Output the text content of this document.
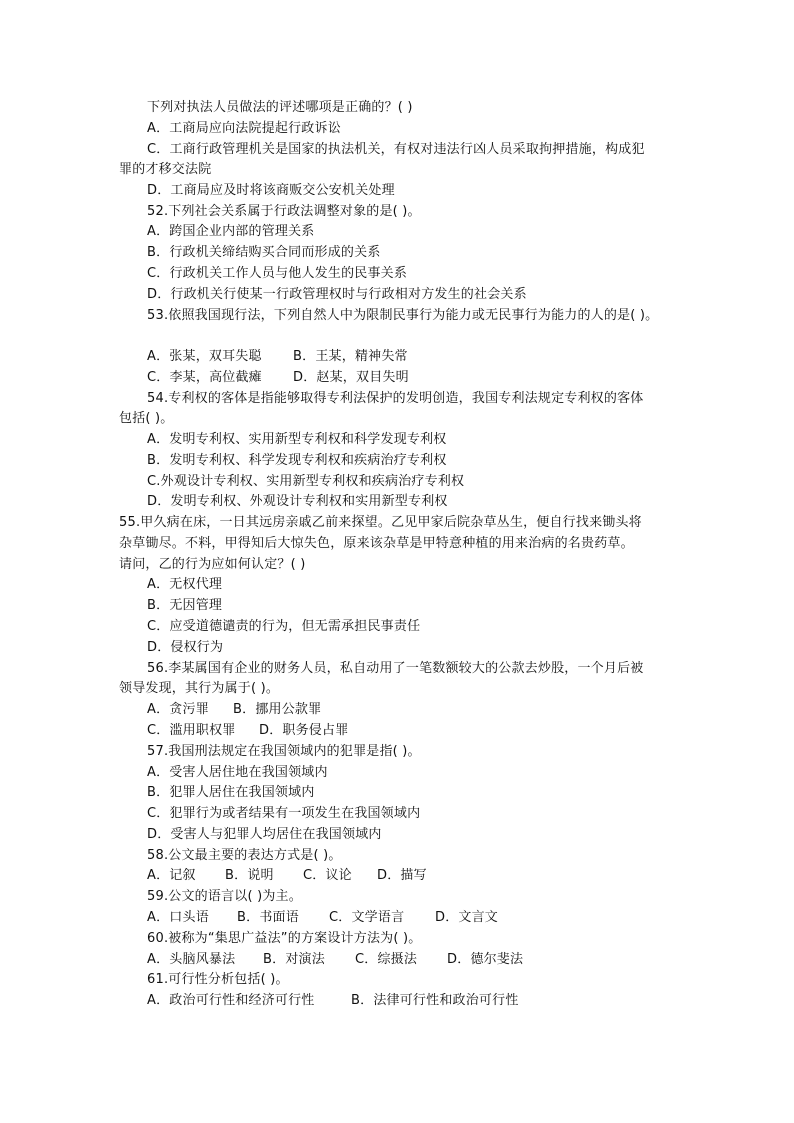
下列对执法人员做法的评述哪项是正确的？( )
A．工商局应向法院提起行政诉讼
C．工商行政管理机关是国家的执法机关，有权对违法行凶人员采取拘押措施，构成犯
罪的才移交法院
D．工商局应及时将该商贩交公安机关处理
52.下列社会关系属于行政法调整对象的是( )。
A．跨国企业内部的管理关系
B．行政机关缔结购买合同而形成的关系
C．行政机关工作人员与他人发生的民事关系
D．行政机关行使某一行政管理权时与行政相对方发生的社会关系
53.依照我国现行法，下列自然人中为限制民事行为能力或无民事行为能力的人的是( )。
A．张某，双耳失聪 B．王某，精神失常
C．李某，高位截瘫 D．赵某，双目失明
54.专利权的客体是指能够取得专利法保护的发明创造，我国专利法规定专利权的客体
包括( )。
A．发明专利权、实用新型专利权和科学发现专利权
B．发明专利权、科学发现专利权和疾病治疗专利权
C.外观设计专利权、实用新型专利权和疾病治疗专利权
D．发明专利权、外观设计专利权和实用新型专利权
55.甲久病在床，一日其远房亲戚乙前来探望。乙见甲家后院杂草丛生，便自行找来锄头将
杂草锄尽。不料，甲得知后大惊失色，原来该杂草是甲特意种植的用来治病的名贵药草。
请问，乙的行为应如何认定？( )
A．无权代理
B．无因管理
C．应受道德谴责的行为，但无需承担民事责任
D．侵权行为
56.李某属国有企业的财务人员，私自动用了一笔数额较大的公款去炒股，一个月后被
领导发现，其行为属于( )。
A．贪污罪 B．挪用公款罪
C．滥用职权罪 D．职务侵占罪
57.我国刑法规定在我国领域内的犯罪是指( )。
A．受害人居住地在我国领域内
B．犯罪人居住在我国领域内
C．犯罪行为或者结果有一项发生在我国领域内
D．受害人与犯罪人均居住在我国领域内
58.公文最主要的表达方式是( )。
A．记叙 B．说明 C．议论 D．描写
59.公文的语言以( )为主。
A．口头语 B．书面语 C．文学语言 D．文言文
60.被称为“集思广益法”的方案设计方法为( )。
A．头脑风暴法 B．对演法 C．综摄法 D．德尔斐法
61.可行性分析包括( )。
A．政治可行性和经济可行性	B．法律可行性和政治可行性
